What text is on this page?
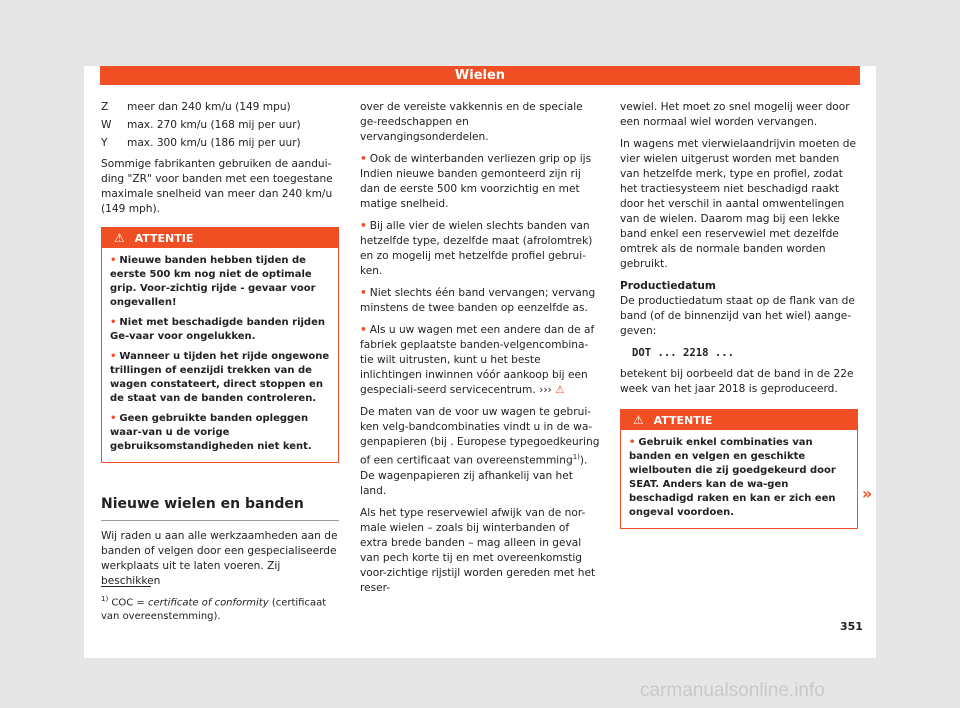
Wielen
Z	meer dan 240 km/u (149 mpu)
W	max. 270 km/u (168 mij per uur)
Y	max. 300 km/u (186 mij per uur)

Sommige fabrikanten gebruiken de aandui-ding "ZR" voor banden met een toegestane maximale snelheid van meer dan 240 km/u (149 mph).

⚠ ATTENTIE
• Nieuwe banden hebben tijden de eerste 500 km nog niet de optimale grip. Voor-zichtig rijde - gevaar voor ongevallen!
• Niet met beschadigde banden rijden Ge-vaar voor ongelukken.
• Wanneer u tijden het rijde ongewone trillingen of eenzijdi trekken van de wagen constateert, direct stoppen en de staat van de banden controleren.
• Geen gebruikte banden opleggen waar-van u de vorige gebruiksomstandigheden niet kent.
Nieuwe wielen en banden

Wij raden u aan alle werkzaamheden aan de banden of velgen door een gespecialiseerde werkplaats uit te laten voeren. Zij beschikken

over de vereiste vakkennis en de speciale ge-reedschappen en vervangingsonderdelen.

• Ook de winterbanden verliezen grip op ijs Indien nieuwe banden gemonteerd zijn rij dan de eerste 500 km voorzichtig en met matige snelheid.

• Bij alle vier de wielen slechts banden van hetzelfde type, dezelfde maat (afrolomtrek) en zo mogelij met hetzelfde profiel gebrui-ken.

• Niet slechts één band vervangen; vervang minstens de twee banden op eenzelfde as.

• Als u uw wagen met een andere dan de af fabriek geplaatste banden-velgencombina-tie wilt uitrusten, kunt u het beste inlichtingen inwinnen vóór aankoop bij een gespeciali-seerd servicecentrum. ››› ⚠

De maten van de voor uw wagen te gebrui-ken velg-bandcombinaties vindt u in de wa-genpapieren (bij . Europese typegoedkeuring of een certificaat van overeenstemming$^{1)}$). De wagenpapieren zij afhankelij van het land.

Als het type reservewiel afwijk van de nor-male wielen – zoals bij winterbanden of extra brede banden – mag alleen in geval van pech korte tij en met overeenkomstig voor-zichtige rijstijl worden gereden met het reser-

vewiel. Het moet zo snel mogelij weer door een normaal wiel worden vervangen.

In wagens met vierwielaandrijvin moeten de vier wielen uitgerust worden met banden van hetzelfde merk, type en profiel, zodat het tractiesysteem niet beschadigd raakt door het verschil in aantal omwentelingen van de wielen. Daarom mag bij een lekke band enkel een reservewiel met dezelfde omtrek als de normale banden worden gebruikt.

Productiedatum

De productiedatum staat op de flank van de band (of de binnenzijd van het wiel) aange-geven:

DOT ... 2218 ...

betekent bij oorbeeld dat de band in de 22e week van het jaar 2018 is geproduceerd.

⚠ ATTENTIE
• Gebruik enkel combinaties van banden en velgen en geschikte wielbouten die zij goedgekeurd door SEAT. Anders kan de wa-gen beschadigd raken en kan er zich een ongeval voordoen.
»
$^{1)}$ COC = certificate of conformity (certificaat van overeenstemming).
351
carmanualsonline.info
